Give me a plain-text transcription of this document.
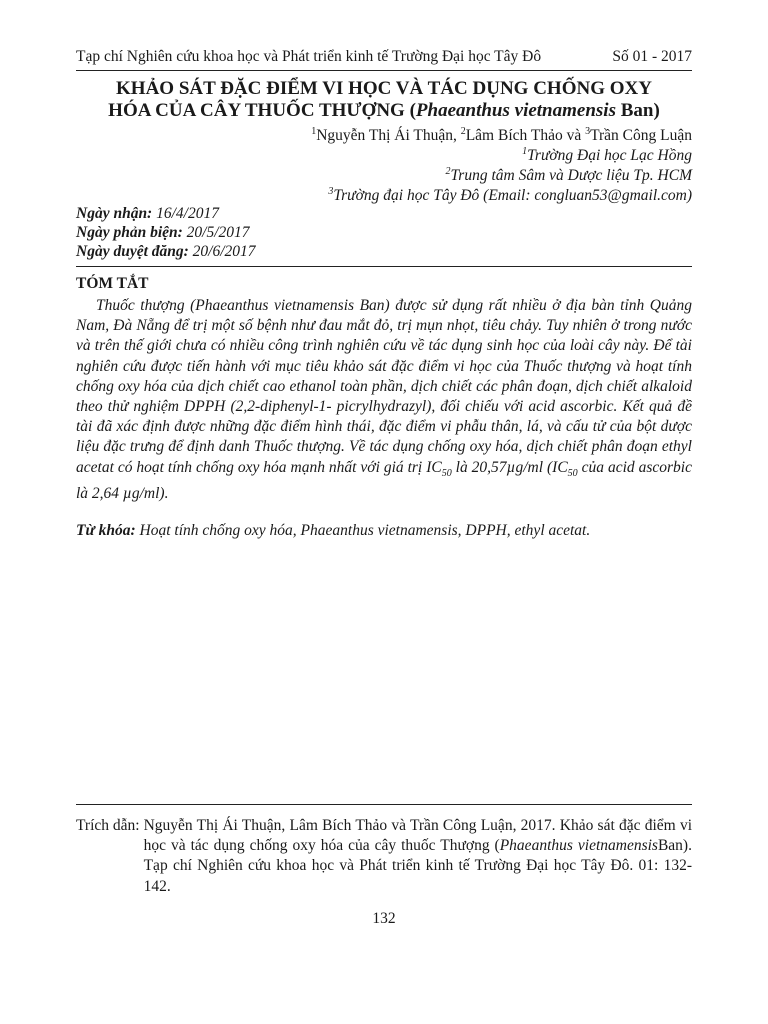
Tạp chí Nghiên cứu khoa học và Phát triển kinh tế Trường Đại học Tây Đô	Số 01 - 2017
KHẢO SÁT ĐẶC ĐIỂM VI HỌC VÀ TÁC DỤNG CHỐNG OXY
HÓA CỦA CÂY THUỐC THƯỢNG (Phaeanthus vietnamensis Ban)
$^1$Nguyễn Thị Ái Thuận, $^2$Lâm Bích Thảo và $^3$Trần Công Luận
$^1$Trường Đại học Lạc Hồng
$^2$Trung tâm Sâm và Dược liệu Tp. HCM
$^3$Trường đại học Tây Đô (Email: congluan53@gmail.com)
Ngày nhận: 16/4/2017
Ngày phản biện: 20/5/2017
Ngày duyệt đăng: 20/6/2017
TÓM TẮT

Thuốc thượng (Phaeanthus vietnamensis Ban) được sử dụng rất nhiều ở địa bàn tỉnh Quảng Nam, Đà Nẵng để trị một số bệnh như đau mắt đỏ, trị mụn nhọt, tiêu chảy. Tuy nhiên ở trong nước và trên thế giới chưa có nhiều công trình nghiên cứu về tác dụng sinh học của loài cây này. Để tài nghiên cứu được tiến hành với mục tiêu khảo sát đặc điểm vi học của Thuốc thượng và hoạt tính chống oxy hóa của dịch chiết cao ethanol toàn phần, dịch chiết các phân đoạn, dịch chiết alkaloid theo thử nghiệm DPPH (2,2-diphenyl-1- picrylhydrazyl), đối chiếu với acid ascorbic. Kết quả đề tài đã xác định được những đặc điểm hình thái, đặc điểm vi phẫu thân, lá, và cấu tử của bột dược liệu đặc trưng để định danh Thuốc thượng. Về tác dụng chống oxy hóa, dịch chiết phân đoạn ethyl acetat có hoạt tính chống oxy hóa mạnh nhất với giá trị $IC_{50}$ là 20,57µg/ml ($IC_{50}$ của acid ascorbic là 2,64 µg/ml).

Từ khóa: Hoạt tính chống oxy hóa, Phaeanthus vietnamensis, DPPH, ethyl acetat.
Trích dẫn: Nguyễn Thị Ái Thuận, Lâm Bích Thảo và Trần Công Luận, 2017. Khảo sát đặc điểm vi học và tác dụng chống oxy hóa của cây thuốc Thượng (Phaeanthus vietnamensisBan). Tạp chí Nghiên cứu khoa học và Phát triển kinh tế Trường Đại học Tây Đô. 01: 132-142.
132
